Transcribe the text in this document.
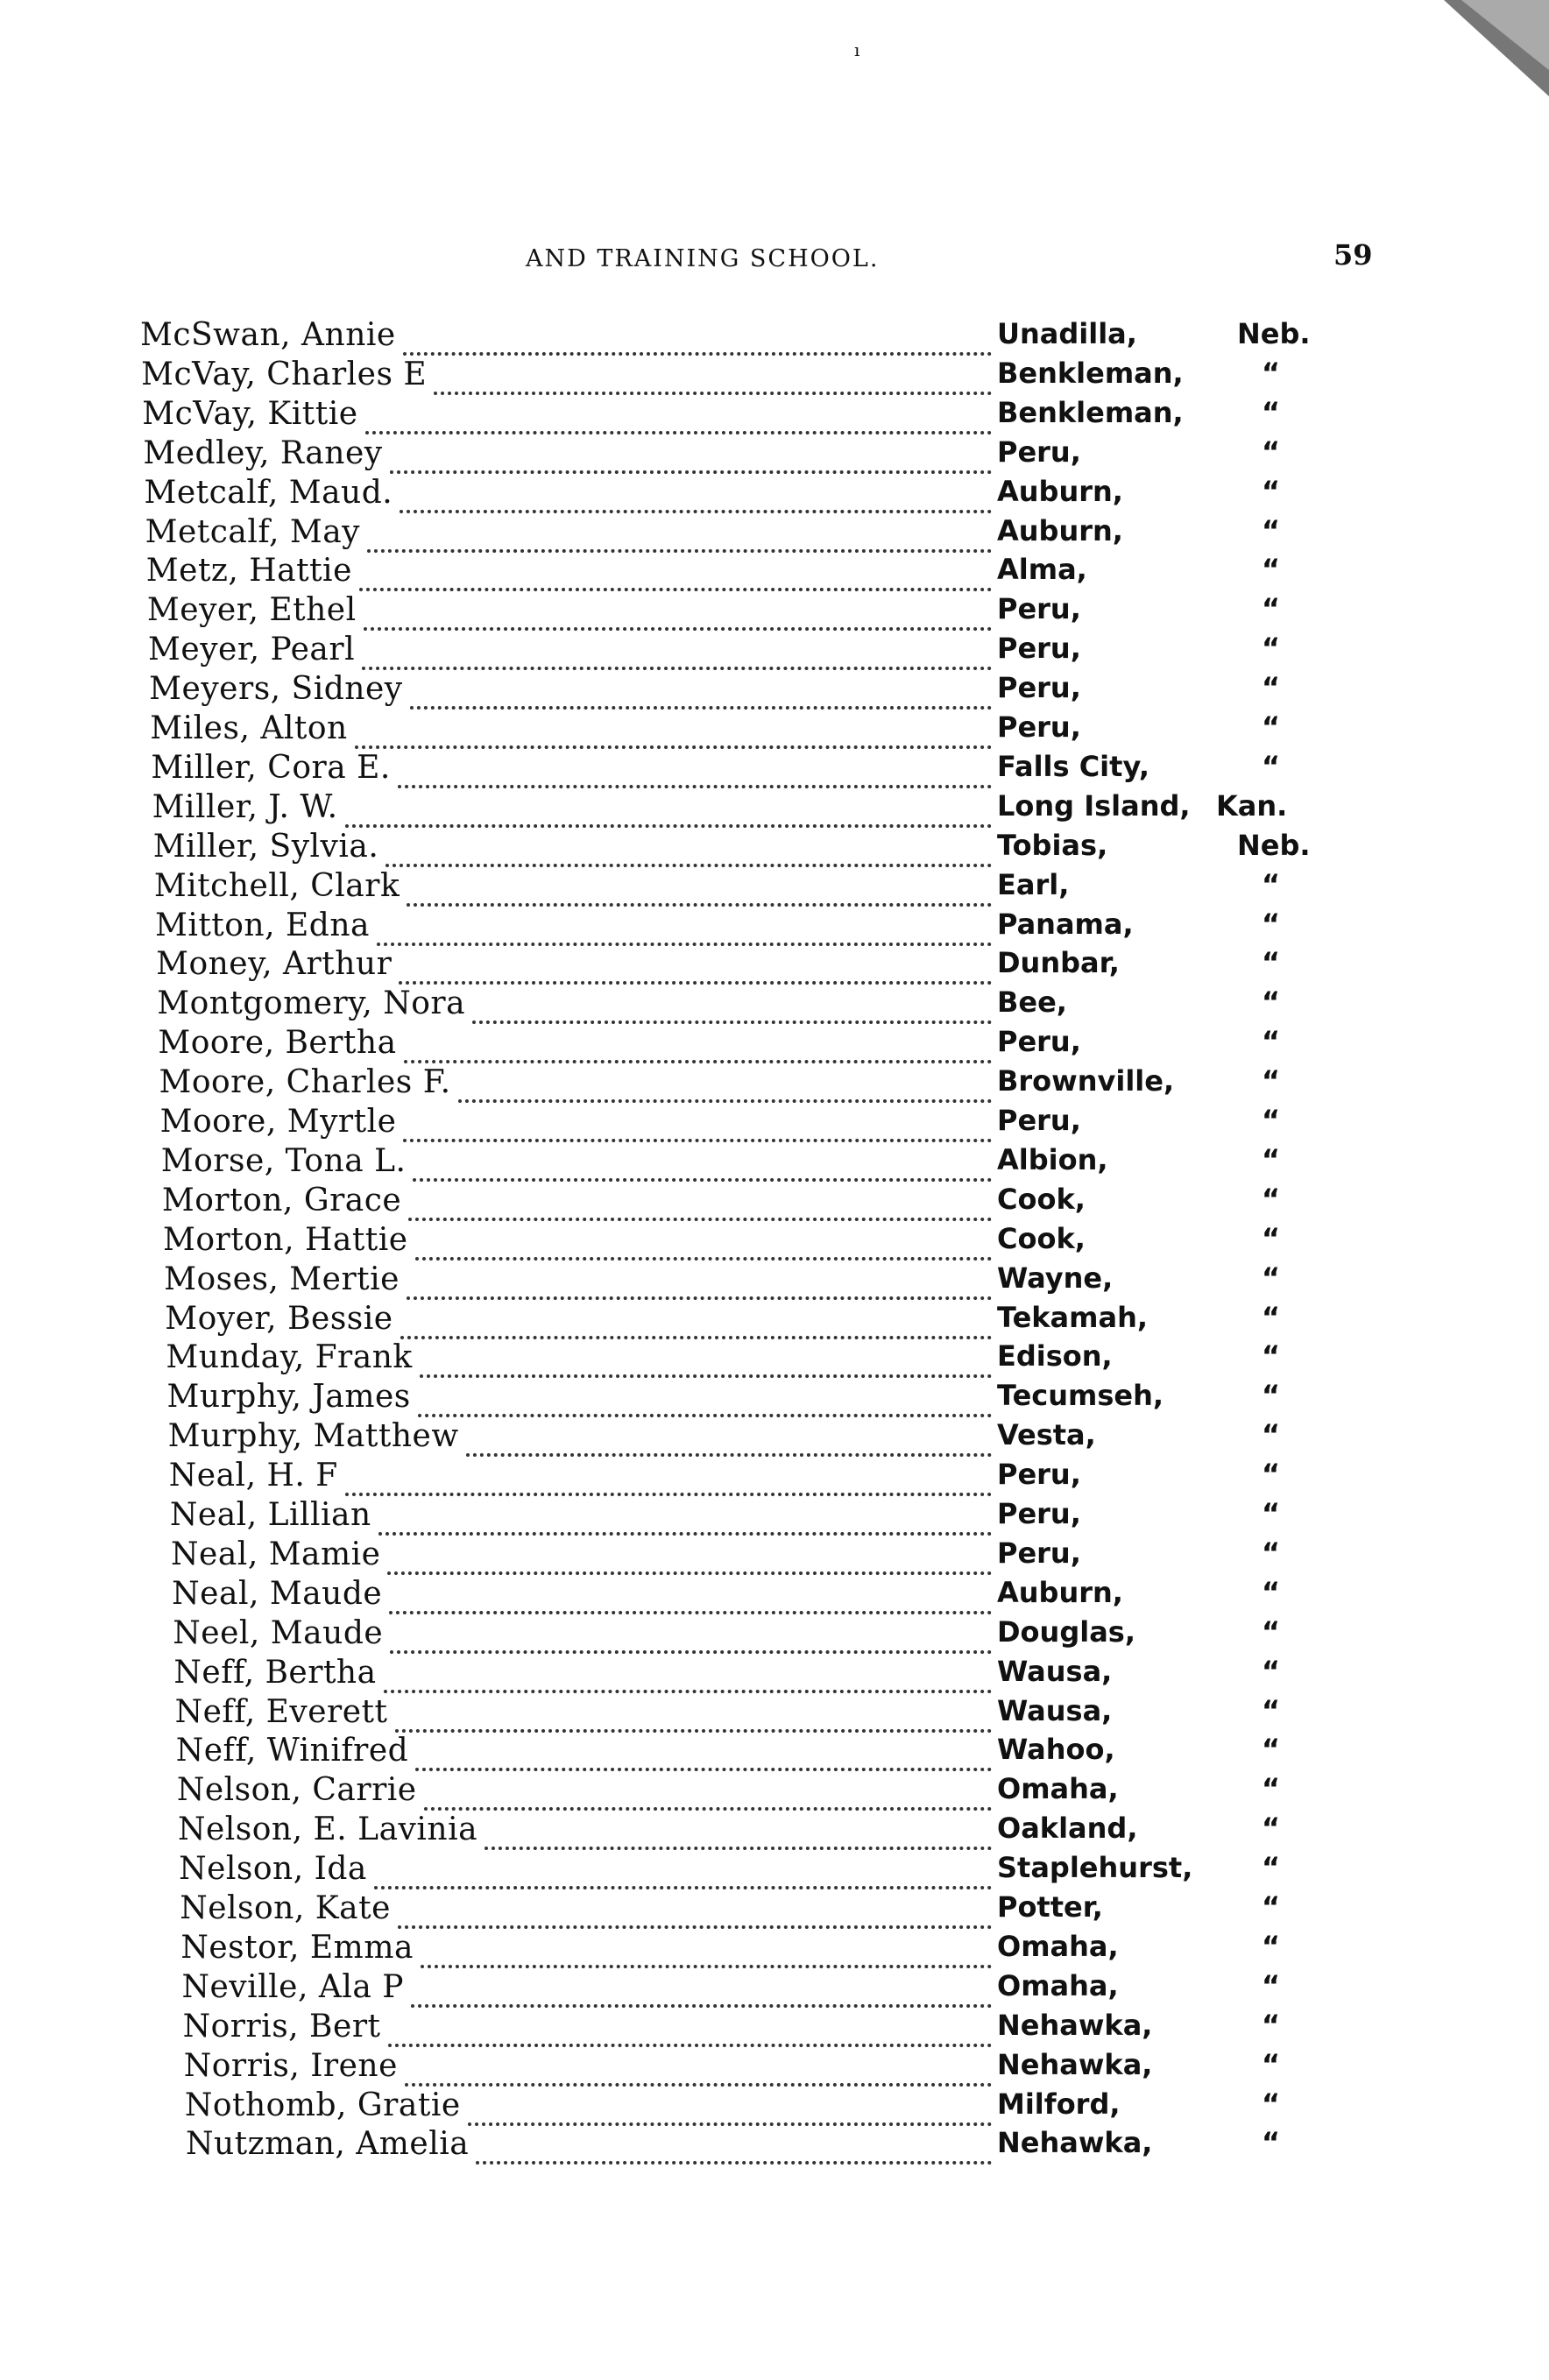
ı
AND TRAINING SCHOOL.	59
McSwan, Annie	Unadilla,	Neb.
McVay, Charles E	Benkleman,	“
McVay, Kittie	Benkleman,	“
Medley, Raney	Peru,	“
Metcalf, Maud.	Auburn,	“
Metcalf, May	Auburn,	“
Metz, Hattie	Alma,	“
Meyer, Ethel	Peru,	“
Meyer, Pearl	Peru,	“
Meyers, Sidney	Peru,	“
Miles, Alton	Peru,	“
Miller, Cora E.	Falls City,	“
Miller, J. W.	Long Island, Kan.
Miller, Sylvia.	Tobias,	Neb.
Mitchell, Clark	Earl,	“
Mitton, Edna	Panama,	“
Money, Arthur	Dunbar,	“
Montgomery, Nora	Bee,	“
Moore, Bertha	Peru,	“
Moore, Charles F.	Brownville,	“
Moore, Myrtle	Peru,	“
Morse, Tona L.	Albion,	“
Morton, Grace	Cook,	“
Morton, Hattie	Cook,	“
Moses, Mertie	Wayne,	“
Moyer, Bessie	Tekamah,	“
Munday, Frank	Edison,	“
Murphy, James	Tecumseh,	“
Murphy, Matthew	Vesta,	“
Neal, H. F	Peru,	“
Neal, Lillian	Peru,	“
Neal, Mamie	Peru,	“
Neal, Maude	Auburn,	“
Neel, Maude	Douglas,	“
Neff, Bertha	Wausa,	“
Neff, Everett	Wausa,	“
Neff, Winifred	Wahoo,	“
Nelson, Carrie	Omaha,	“
Nelson, E. Lavinia	Oakland,	“
Nelson, Ida	Staplehurst, “
Nelson, Kate	Potter,	“
Nestor, Emma	Omaha,	“
Neville, Ala P	Omaha,	“
Norris, Bert	Nehawka,	“
Norris, Irene	Nehawka,	“
Nothomb, Gratie	Milford,	“
Nutzman, Amelia	Nehawka,	“
